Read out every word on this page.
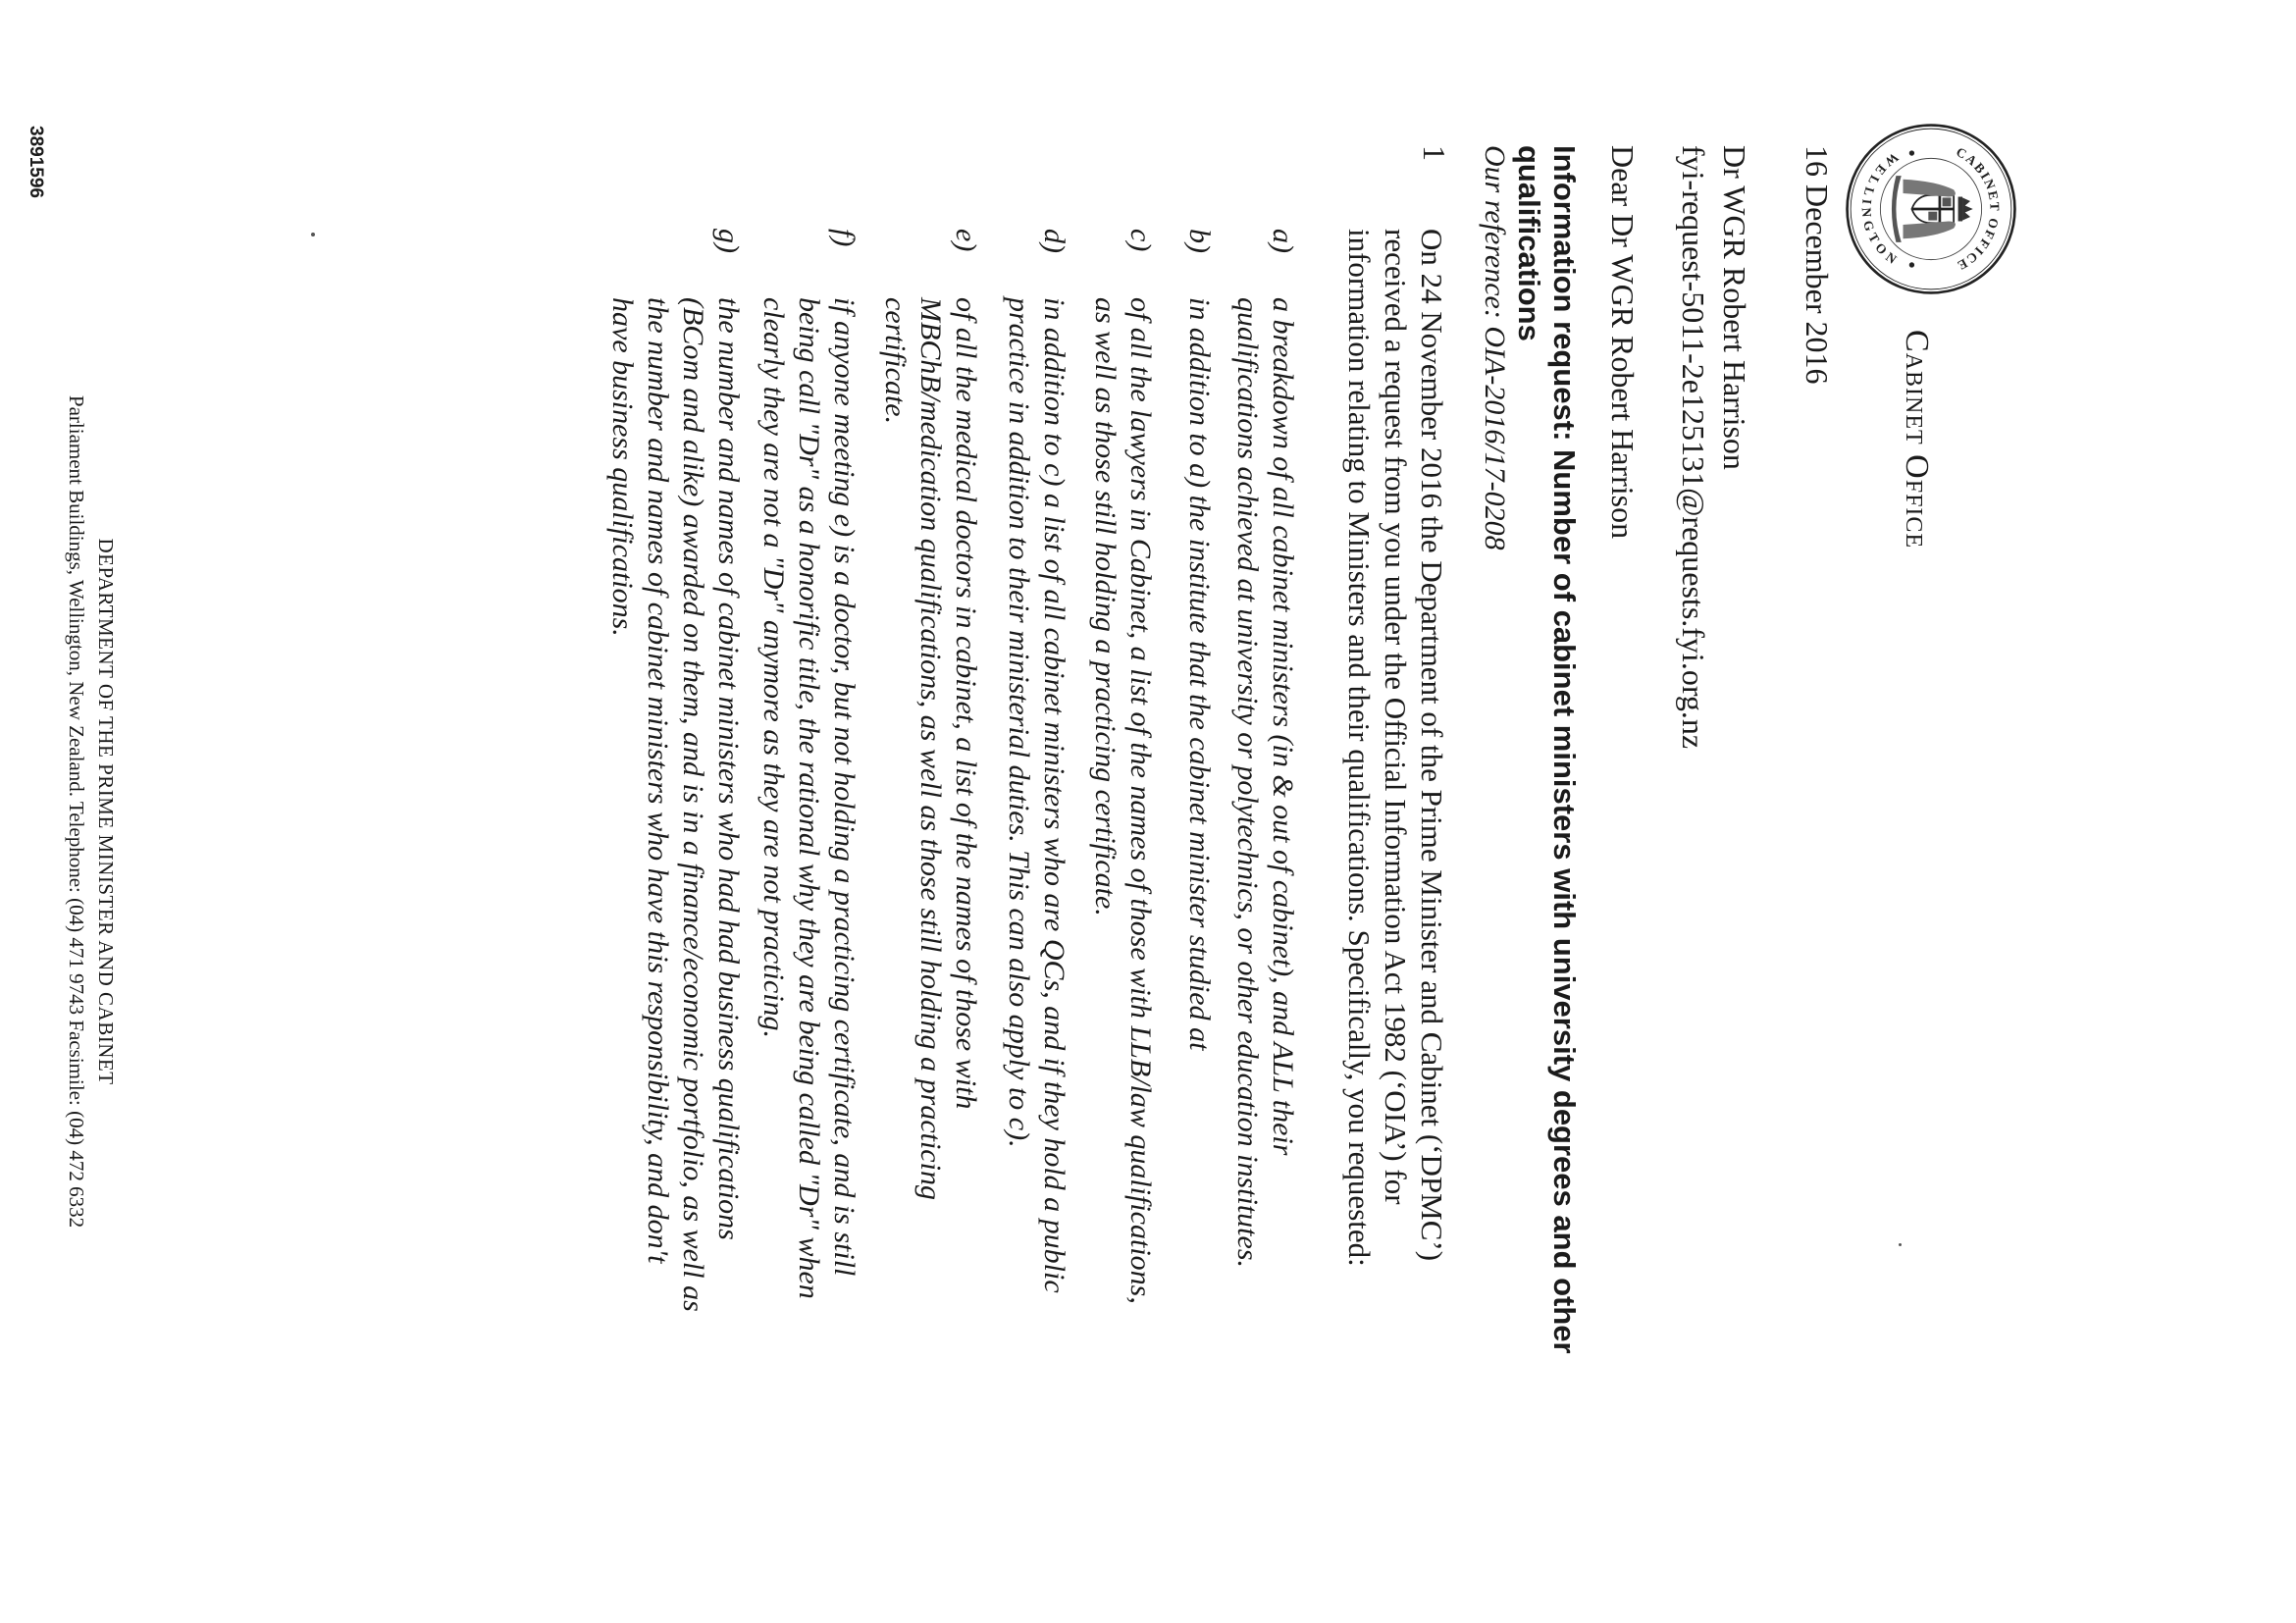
CABINET OFFICE
WELLINGTON
Cabinet Office
16 December 2016
Dr WGR Robert Harrison
fyi-request-5011-2e125131@requests.fyi.org.nz
Dear Dr WGR Robert Harrison
Information request: Number of cabinet ministers with university degrees and other qualifications
Our reference: OIA-2016/17-0208
1
On 24 November 2016 the Department of the Prime Minister and Cabinet (‘DPMC’) received a request from you under the Official Information Act 1982 (‘OIA’) for information relating to Ministers and their qualifications. Specifically, you requested:
a)
a breakdown of all cabinet ministers (in & out of cabinet), and ALL their qualifications achieved at university or polytechnics, or other education institutes.
b)
in addition to a) the institute that the cabinet minister studied at
c)
of all the lawyers in Cabinet, a list of the names of those with LLB/law qualifications, as well as those still holding a practicing certificate.
d)
in addition to c) a list of all cabinet ministers who are QCs, and if they hold a public practice in addition to their ministerial duties. This can also apply to c).
e)
of all the medical doctors in cabinet, a list of the names of those with MBChB/medication qualifications, as well as those still holding a practicing certificate.
f)
if anyone meeting e) is a doctor, but not holding a practicing certificate, and is still being call "Dr" as a honorific title, the rational why they are being called "Dr" when clearly they are not a "Dr" anymore as they are not practicing.
g)
the number and names of cabinet ministers who had had business qualifications (BCom and alike) awarded on them, and is in a finance/economic portfolio, as well as the number and names of cabinet ministers who have this responsibility, and don't have business qualifications.
DEPARTMENT OF THE PRIME MINISTER AND CABINET
Parliament Buildings, Wellington, New Zealand. Telephone: (04) 471 9743 Facsimile: (04) 472 6332
3891596
